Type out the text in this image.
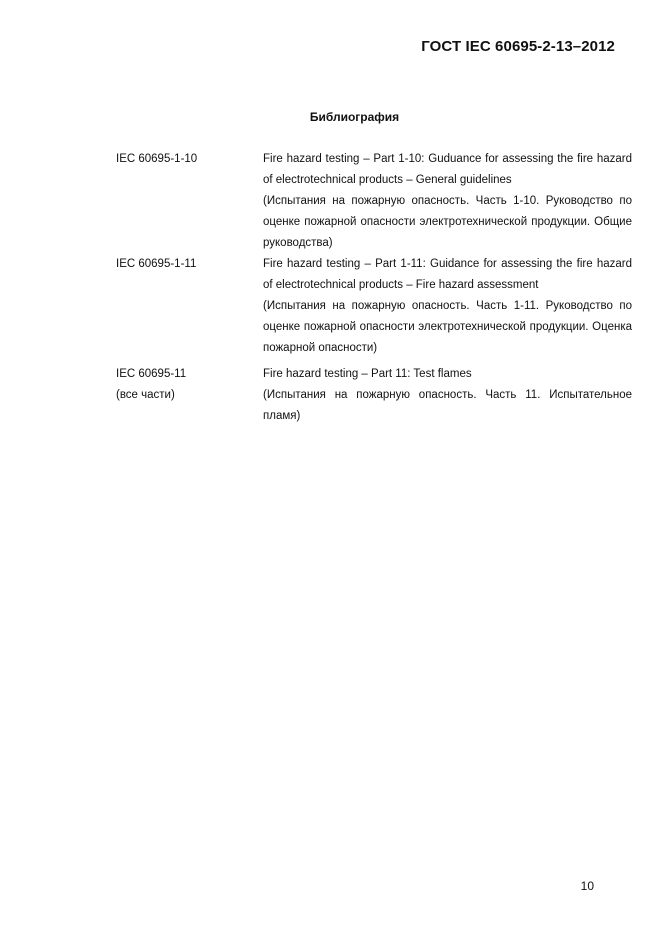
ГОСТ IEC 60695-2-13–2012
Библиография
IEC 60695-1-10	Fire hazard testing – Part 1-10: Guduance for assessing the fire hazard of electrotechnical products – General guidelines

(Испытания на пожарную опасность. Часть 1-10. Руководство по оценке пожарной опасности электротехнической продукции. Общие руководства)

IEC 60695-1-11	Fire hazard testing – Part 1-11: Guidance for assessing the fire hazard of electrotechnical products – Fire hazard assessment

(Испытания на пожарную опасность. Часть 1-11. Руководство по оценке пожарной опасности электротехнической продукции. Оценка пожарной опасности)

IEC 60695-11
(все части)

Fire hazard testing – Part 11: Test flames

(Испытания на пожарную опасность. Часть 11. Испытательное пламя)

10
